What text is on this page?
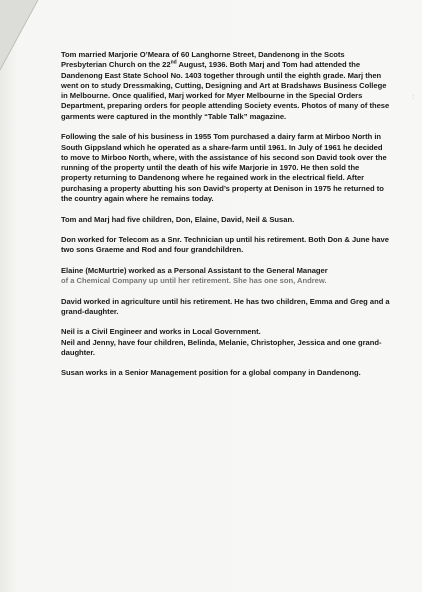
:

Tom married Marjorie O’Meara of 60 Langhorne Street, Dandenong in the Scots Presbyterian Church on the 22nd August, 1936. Both Marj and Tom had attended the Dandenong East State School No. 1403 together through until the eighth grade. Marj then went on to study Dressmaking, Cutting, Designing and Art at Bradshaws Business College in Melbourne. Once qualified, Marj worked for Myer Melbourne in the Special Orders Department, preparing orders for people attending Society events. Photos of many of these garments were captured in the monthly “Table Talk” magazine.

Following the sale of his business in 1955 Tom purchased a dairy farm at Mirboo North in South Gippsland which he operated as a share-farm until 1961. In July of 1961 he decided to move to Mirboo North, where, with the assistance of his second son David took over the running of the property until the death of his wife Marjorie in 1970. He then sold the property returning to Dandenong where he regained work in the electrical field. After purchasing a property abutting his son David’s property at Denison in 1975 he returned to the country again where he remains today.

Tom and Marj had five children, Don, Elaine, David, Neil & Susan.

Don worked for Telecom as a Snr. Technician up until his retirement. Both Don & June have two sons Graeme and Rod and four grandchildren.

Elaine (McMurtrie) worked as a Personal Assistant to the General Manager
of a Chemical Company up until her retirement. She has one son, Andrew.

David worked in agriculture until his retirement. He has two children, Emma and Greg and a grand-daughter.

Neil is a Civil Engineer and works in Local Government.
Neil and Jenny, have four children, Belinda, Melanie, Christopher, Jessica and one grand-daughter.

Susan works in a Senior Management position for a global company in Dandenong.
